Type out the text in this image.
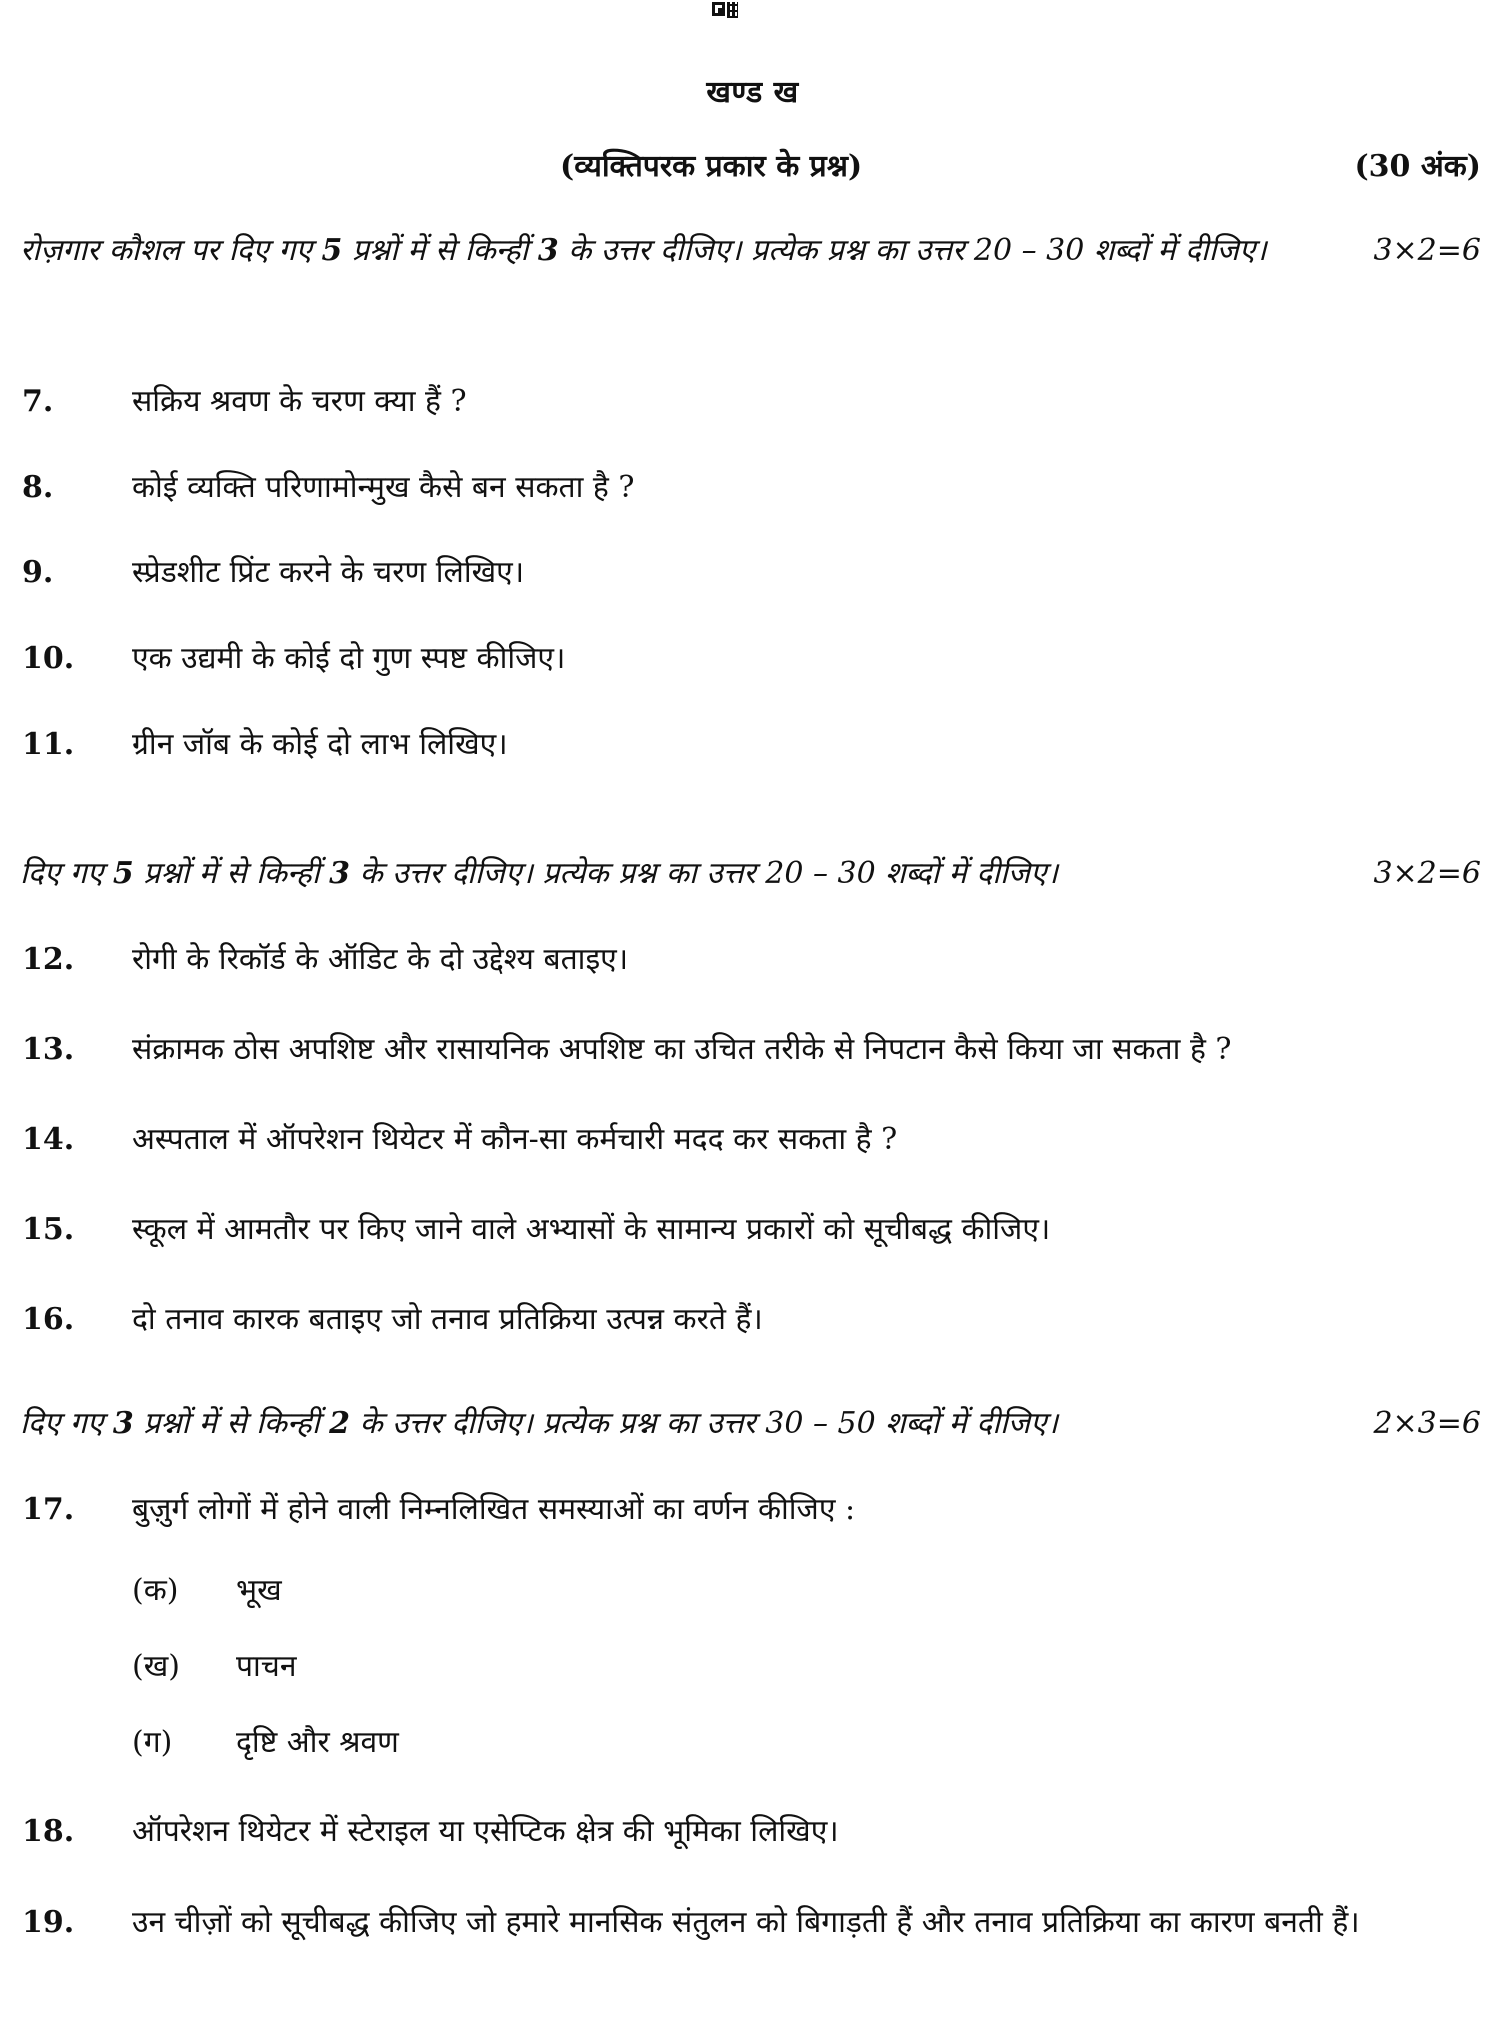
खण्ड ख
(व्यक्तिपरक प्रकार के प्रश्न)	(30 अंक)
रोज़गार कौशल पर दिए गए 5 प्रश्नों में से किन्हीं 3 के उत्तर दीजिए। प्रत्येक प्रश्न का उत्तर 20 – 30 शब्दों में दीजिए।	3×2=6
7.	सक्रिय श्रवण के चरण क्या हैं ?
8.	कोई व्यक्ति परिणामोन्मुख कैसे बन सकता है ?
9.	स्प्रेडशीट प्रिंट करने के चरण लिखिए।
10.	एक उद्यमी के कोई दो गुण स्पष्ट कीजिए।
11.	ग्रीन जॉब के कोई दो लाभ लिखिए।
दिए गए 5 प्रश्नों में से किन्हीं 3 के उत्तर दीजिए। प्रत्येक प्रश्न का उत्तर 20 – 30 शब्दों में दीजिए।	3×2=6
12.	रोगी के रिकॉर्ड के ऑडिट के दो उद्देश्य बताइए।
13.	संक्रामक ठोस अपशिष्ट और रासायनिक अपशिष्ट का उचित तरीके से निपटान कैसे किया जा सकता है ?
14.	अस्पताल में ऑपरेशन थियेटर में कौन-सा कर्मचारी मदद कर सकता है ?
15.	स्कूल में आमतौर पर किए जाने वाले अभ्यासों के सामान्य प्रकारों को सूचीबद्ध कीजिए।
16.	दो तनाव कारक बताइए जो तनाव प्रतिक्रिया उत्पन्न करते हैं।
दिए गए 3 प्रश्नों में से किन्हीं 2 के उत्तर दीजिए। प्रत्येक प्रश्न का उत्तर 30 – 50 शब्दों में दीजिए।	2×3=6
17.	बुज़ुर्ग लोगों में होने वाली निम्नलिखित समस्याओं का वर्णन कीजिए :
(क)	भूख
(ख)	पाचन
(ग)	दृष्टि और श्रवण
18.	ऑपरेशन थियेटर में स्टेराइल या एसेप्टिक क्षेत्र की भूमिका लिखिए।
19.	उन चीज़ों को सूचीबद्ध कीजिए जो हमारे मानसिक संतुलन को बिगाड़ती हैं और तनाव प्रतिक्रिया का कारण बनती हैं।
